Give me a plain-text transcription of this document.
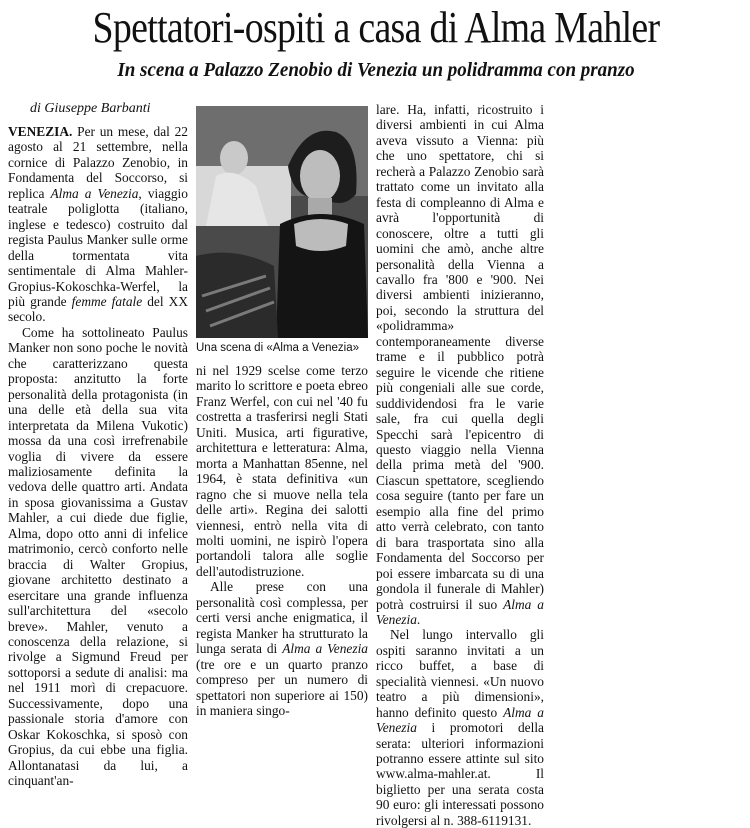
Spettatori-ospiti a casa di Alma Mahler
In scena a Palazzo Zenobio di Venezia un polidramma con pranzo
di Giuseppe Barbanti

VENEZIA. Per un mese, dal 22 agosto al 21 settembre, nella cornice di Palazzo Zenobio, in Fondamenta del Soccorso, si replica Alma a Venezia, viaggio teatrale poliglotta (italiano, inglese e tedesco) costruito dal regista Paulus Manker sulle orme della tormentata vita sentimentale di Alma Mahler-Gropius-Kokoschka-Werfel, la più grande femme fatale del XX secolo.

Come ha sottolineato Paulus Manker non sono poche le novità che caratterizzano questa proposta: anzitutto la forte personalità della protagonista (in una delle età della sua vita interpretata da Milena Vukotic) mossa da una così irrefrenabile voglia di vivere da essere maliziosamente definita la vedova delle quattro arti. Andata in sposa giovanissima a Gustav Mahler, a cui diede due figlie, Alma, dopo otto anni di infelice matrimonio, cercò conforto nelle braccia di Walter Gropius, giovane architetto destinato a esercitare una grande influenza sull'architettura del «secolo breve». Mahler, venuto a conoscenza della relazione, si rivolge a Sigmund Freud per sottoporsi a sedute di analisi: ma nel 1911 morì di crepacuore. Successivamente, dopo una passionale storia d'amore con Oskar Kokoschka, si sposò con Gropius, da cui ebbe una figlia. Allontanatasi da lui, a cinquant'an-

Una scena di «Alma a Venezia»

ni nel 1929 scelse come terzo marito lo scrittore e poeta ebreo Franz Werfel, con cui nel '40 fu costretta a trasferirsi negli Stati Uniti. Musica, arti figurative, architettura e letteratura: Alma, morta a Manhattan 85enne, nel 1964, è stata definitiva «un ragno che si muove nella tela delle arti». Regina dei salotti viennesi, entrò nella vita di molti uomini, ne ispirò l'opera portandoli talora alle soglie dell'autodistruzione.

Alle prese con una personalità così complessa, per certi versi anche enigmatica, il regista Manker ha strutturato la lunga serata di Alma a Venezia (tre ore e un quarto pranzo compreso per un numero di spettatori non superiore ai 150) in maniera singo-

lare. Ha, infatti, ricostruito i diversi ambienti in cui Alma aveva vissuto a Vienna: più che uno spettatore, chi si recherà a Palazzo Zenobio sarà trattato come un invitato alla festa di compleanno di Alma e avrà l'opportunità di conoscere, oltre a tutti gli uomini che amò, anche altre personalità della Vienna a cavallo fra '800 e '900. Nei diversi ambienti inizieranno, poi, secondo la struttura del «polidramma» contemporaneamente diverse trame e il pubblico potrà seguire le vicende che ritiene più congeniali alle sue corde, suddividendosi fra le varie sale, fra cui quella degli Specchi sarà l'epicentro di questo viaggio nella Vienna della prima metà del '900. Ciascun spettatore, scegliendo cosa seguire (tanto per fare un esempio alla fine del primo atto verrà celebrato, con tanto di bara trasportata sino alla Fondamenta del Soccorso per poi essere imbarcata su di una gondola il funerale di Mahler) potrà costruirsi il suo Alma a Venezia.

Nel lungo intervallo gli ospiti saranno invitati a un ricco buffet, a base di specialità viennesi. «Un nuovo teatro a più dimensioni», hanno definito questo Alma a Venezia i promotori della serata: ulteriori informazioni potranno essere attinte sul sito www.alma-mahler.at. Il biglietto per una serata costa 90 euro: gli interessati possono rivolgersi al n. 388-6119131.
